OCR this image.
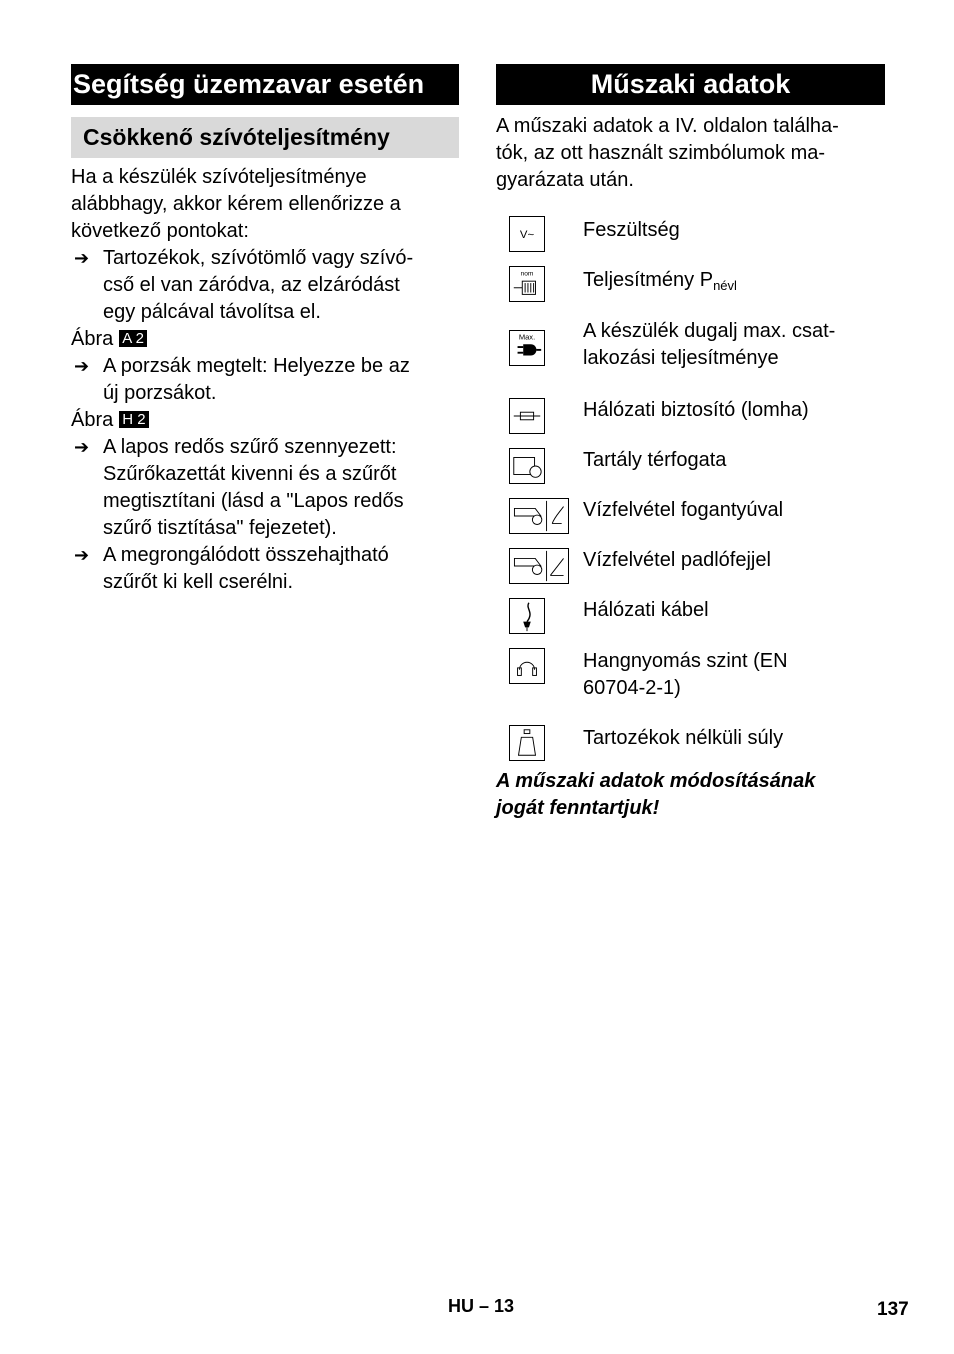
Segítség üzemzavar esetén
Csökkenő szívóteljesítmény

Ha a készülék szívóteljesítménye

alábbhagy, akkor kérem ellenőrizze a

következő pontokat:

➔ Tartozékok, szívótömlő vagy szívó-

cső el van záródva, az elzáródást

egy pálcával távolítsa el.

Ábra A 2
➔ A porzsák megtelt: Helyezze be az

új porzsákot.

Ábra H 2
➔ A lapos redős szűrő szennyezett:

Szűrőkazettát kivenni és a szűrőt

megtisztítani (lásd a "Lapos redős

szűrő tisztítása" fejezetet).

➔ A megrongálódott összehajtható

szűrőt ki kell cserélni.

Műszaki adatok

A műszaki adatok a IV. oldalon találha-

tók, az ott használt szimbólumok ma-

gyarázata után.

V~ Feszültség
nom Teljesítmény $P_{névl}$
Max. A készülék dugalj max. csat-
lakozási teljesítménye
Hálózati biztosító (lomha)
Tartály térfogata
Vízfelvétel fogantyúval
Vízfelvétel padlófejjel
Hálózati kábel
Hangnyomás szint (EN
60704-2-1)
Tartozékok nélküli súly
A műszaki adatok módosításának
jogát fenntartjuk!
HU – 13	137
